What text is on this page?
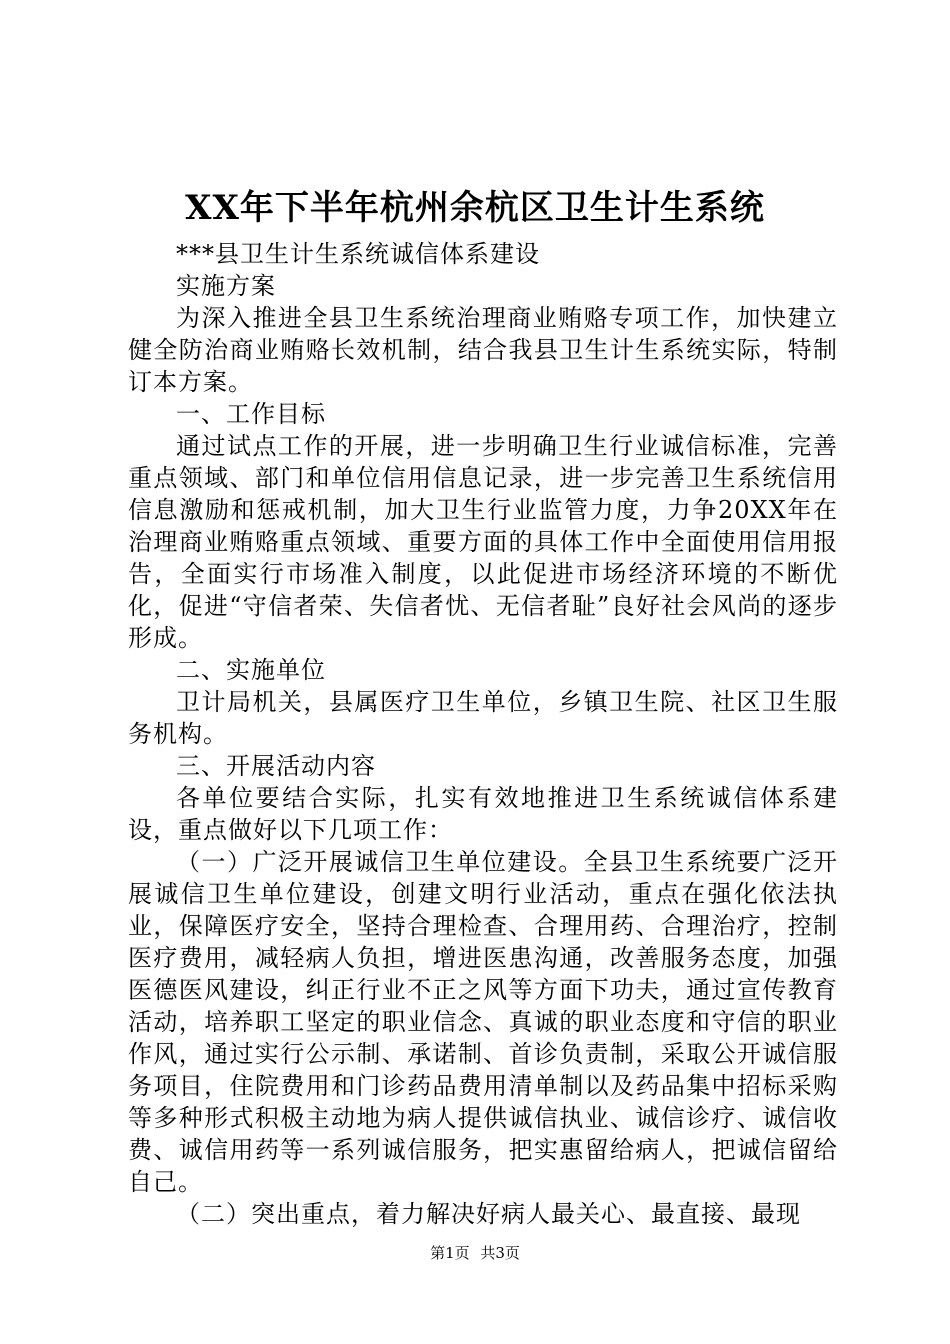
XX年下半年杭州余杭区卫生计生系统

***县卫生计生系统诚信体系建设

实施方案

为深入推进全县卫生系统治理商业贿赂专项工作，加快建立健全防治商业贿赂长效机制，结合我县卫生计生系统实际，特制订本方案。

一、工作目标

通过试点工作的开展，进一步明确卫生行业诚信标准，完善重点领域、部门和单位信用信息记录，进一步完善卫生系统信用信息激励和惩戒机制，加大卫生行业监管力度，力争20XX年在治理商业贿赂重点领域、重要方面的具体工作中全面使用信用报告，全面实行市场准入制度，以此促进市场经济环境的不断优化，促进“守信者荣、失信者忧、无信者耻”良好社会风尚的逐步形成。

二、实施单位

卫计局机关，县属医疗卫生单位，乡镇卫生院、社区卫生服务机构。

三、开展活动内容

各单位要结合实际，扎实有效地推进卫生系统诚信体系建设，重点做好以下几项工作：

（一）广泛开展诚信卫生单位建设。全县卫生系统要广泛开展诚信卫生单位建设，创建文明行业活动，重点在强化依法执业，保障医疗安全，坚持合理检查、合理用药、合理治疗，控制医疗费用，减轻病人负担，增进医患沟通，改善服务态度，加强医德医风建设，纠正行业不正之风等方面下功夫，通过宣传教育活动，培养职工坚定的职业信念、真诚的职业态度和守信的职业作风，通过实行公示制、承诺制、首诊负责制，采取公开诚信服务项目，住院费用和门诊药品费用清单制以及药品集中招标采购等多种形式积极主动地为病人提供诚信执业、诚信诊疗、诚信收费、诚信用药等一系列诚信服务，把实惠留给病人，把诚信留给自己。

（二）突出重点，着力解决好病人最关心、最直接、最现

第1页 共3页
